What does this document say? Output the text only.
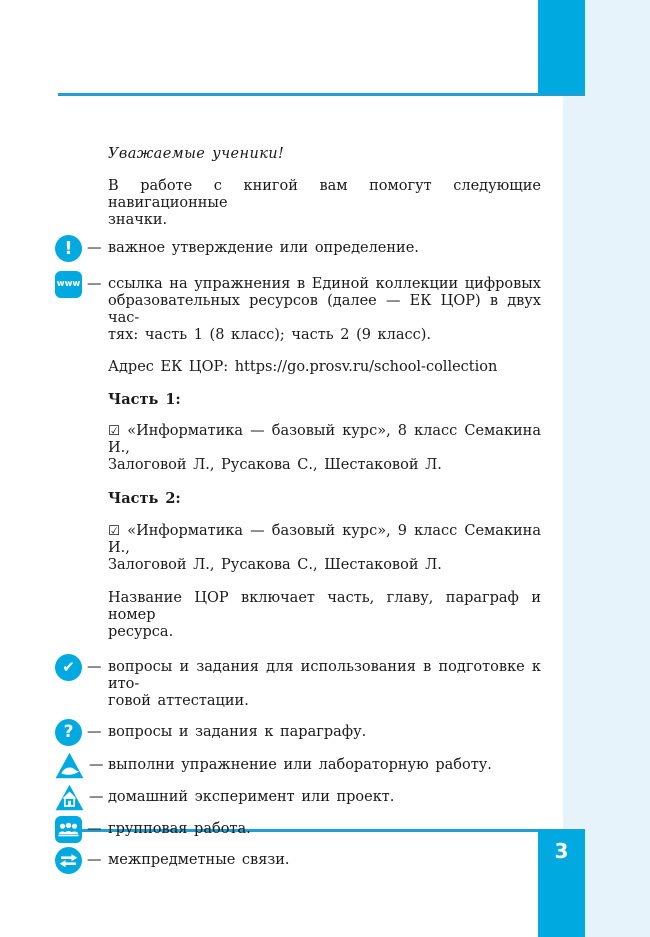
3
Уважаемые ученики!
В работе с книгой вам помогут следующие навигационные
значки.
! — важное утверждение или определение.
www — ссылка на упражнения в Единой коллекции цифровых
образовательных ресурсов (далее — ЕК ЦОР) в двух час-
тях: часть 1 (8 класс); часть 2 (9 класс).
Адрес ЕК ЦОР: https://go.prosv.ru/school-collection
Часть 1:
☑ «Информатика — базовый курс», 8 класс Семакина И.,
Залоговой Л., Русакова С., Шестаковой Л.
Часть 2:
☑ «Информатика — базовый курс», 9 класс Семакина И.,
Залоговой Л., Русакова С., Шестаковой Л.
Название ЦОР включает часть, главу, параграф и номер
ресурса.
✔ — вопросы и задания для использования в подготовке к ито-
говой аттестации.
? — вопросы и задания к параграфу.
— выполни упражнение или лабораторную работу.
— домашний эксперимент или проект.
— групповая работа.
— межпредметные связи.
